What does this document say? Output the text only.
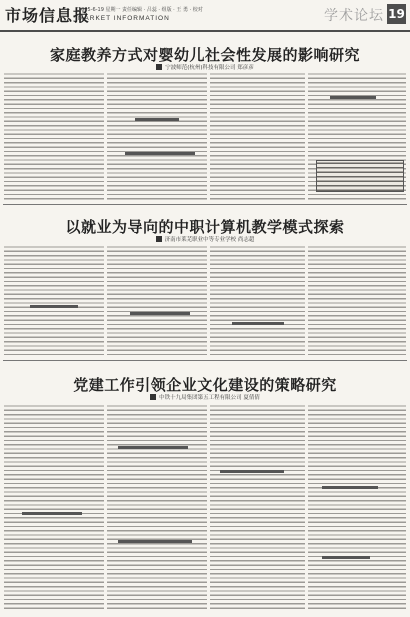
市场信息报
2025-6-19 星期一 责任编辑 · 吕蕊 · 组版 · 王 勇 · 校对
MARKET INFORMATION	学术论坛 19
家庭教养方式对婴幼儿社会性发展的影响研究
宁波师范(杭州)科技有限公司 郑彦彦
以就业为导向的中职计算机教学模式探索
济南市莱芜职业中等专业学校 尚志超
党建工作引领企业文化建设的策略研究
中铁十九局集团第五工程有限公司 夏倩倩
